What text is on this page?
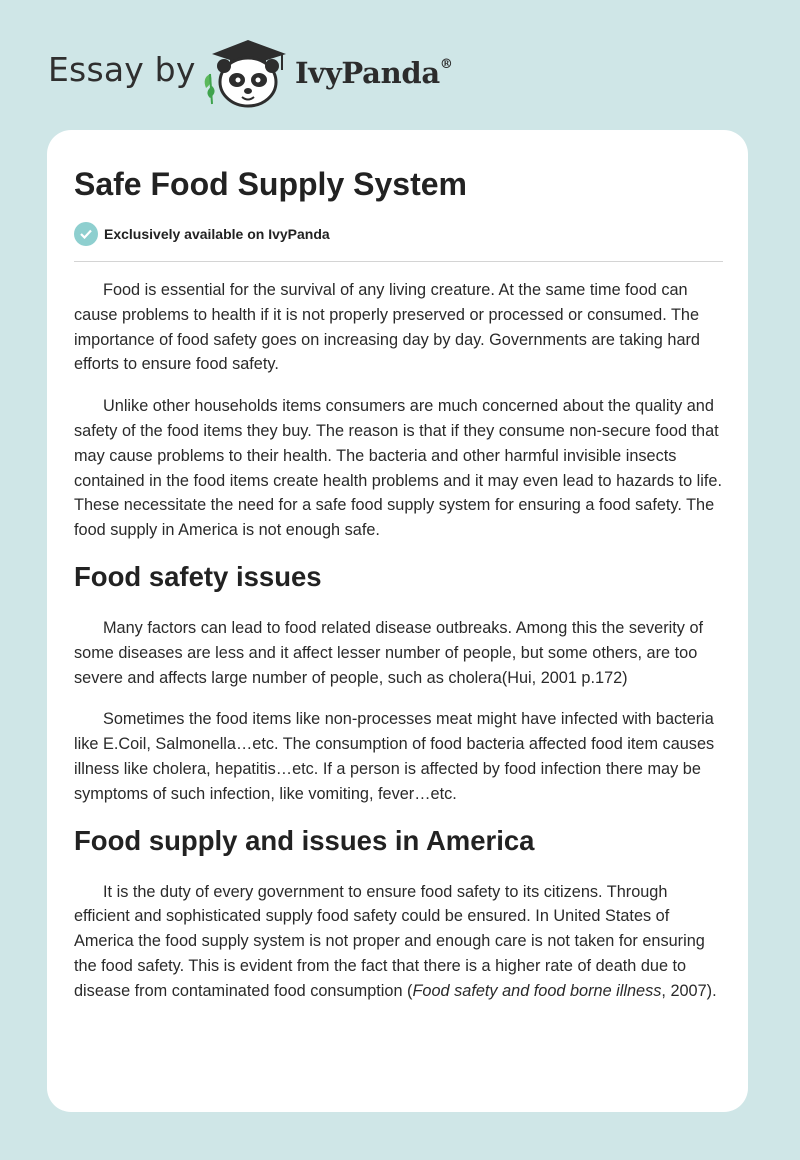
Essay by	IvyPanda®
Safe Food Supply System
Exclusively available on IvyPanda

Food is essential for the survival of any living creature. At the same time food can cause problems to health if it is not properly preserved or processed or consumed. The importance of food safety goes on increasing day by day. Governments are taking hard efforts to ensure food safety.

Unlike other households items consumers are much concerned about the quality and safety of the food items they buy. The reason is that if they consume non-secure food that may cause problems to their health. The bacteria and other harmful invisible insects contained in the food items create health problems and it may even lead to hazards to life. These necessitate the need for a safe food supply system for ensuring a food safety. The food supply in America is not enough safe.

Food safety issues

Many factors can lead to food related disease outbreaks. Among this the severity of some diseases are less and it affect lesser number of people, but some others, are too severe and affects large number of people, such as cholera(Hui, 2001 p.172)

Sometimes the food items like non-processes meat might have infected with bacteria like E.Coil, Salmonella…etc. The consumption of food bacteria affected food item causes illness like cholera, hepatitis…etc. If a person is affected by food infection there may be symptoms of such infection, like vomiting, fever…etc.

Food supply and issues in America

It is the duty of every government to ensure food safety to its citizens. Through efficient and sophisticated supply food safety could be ensured. In United States of America the food supply system is not proper and enough care is not taken for ensuring the food safety. This is evident from the fact that there is a higher rate of death due to disease from contaminated food consumption (Food safety and food borne illness, 2007).
